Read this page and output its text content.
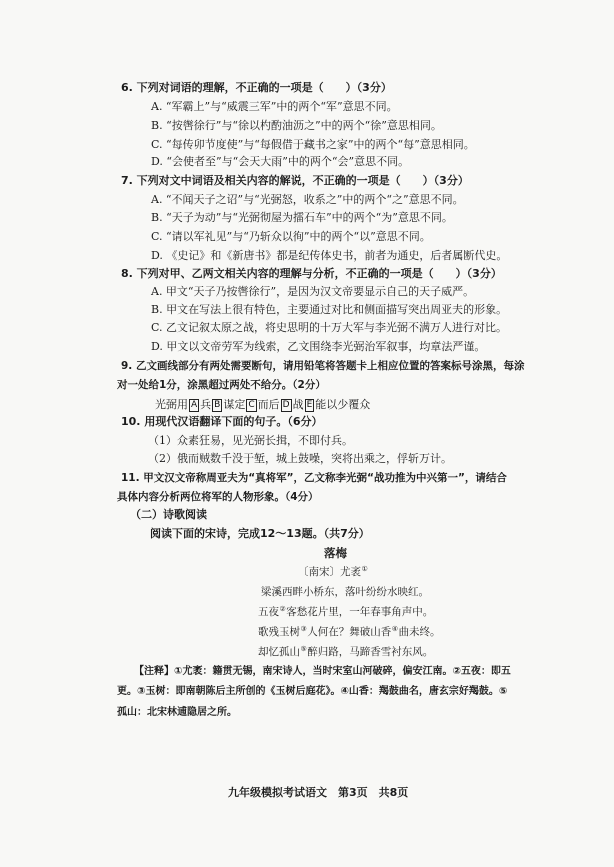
6. 下列对词语的理解，不正确的一项是（　　）（3分）
A. “军霸上”与“威震三军”中的两个“军”意思不同。
B. “按辔徐行”与“徐以杓酌油沥之”中的两个“徐”意思相同。
C. “每传卯节度使”与“每假借于藏书之家”中的两个“每”意思相同。
D. “会使者至”与“会天大雨”中的两个“会”意思不同。
7. 下列对文中词语及相关内容的解说，不正确的一项是（　　）（3分）
A. “不闻天子之诏”与“光弼怒，收系之”中的两个“之”意思不同。
B. “天子为动”与“光弼彻屋为擂石车”中的两个“为”意思不同。
C. “请以军礼见”与“乃斩众以徇”中的两个“以”意思不同。
D. 《史记》和《新唐书》都是纪传体史书，前者为通史，后者属断代史。
8. 下列对甲、乙两文相关内容的理解与分析，不正确的一项是（　　）（3分）
A. 甲文“天子乃按辔徐行”，是因为汉文帝要显示自己的天子威严。
B. 甲文在写法上很有特色，主要通过对比和侧面描写突出周亚夫的形象。
C. 乙文记叙太原之战，将史思明的十万大军与李光弼不满万人进行对比。
D. 甲文以文帝劳军为线索，乙文围绕李光弼治军叙事，均章法严谨。
9. 乙文画线部分有两处需要断句，请用铅笔将答题卡上相应位置的答案标号涂黑，每涂
对一处给1分，涂黑超过两处不给分。（2分）
光弼用 A 兵 B 谋定 C 而后 D 战 E 能以少覆众
10. 用现代汉语翻译下面的句子。（6分）
（1）众素狂易，见光弼长揖，不即付兵。
（2）俄而贼数千没于堑，城上鼓噪，突将出乘之，俘斩万计。
11. 甲文汉文帝称周亚夫为“真将军”，乙文称李光弼“战功推为中兴第一”，请结合
具体内容分析两位将军的人物形象。（4分）
（二）诗歌阅读
阅读下面的宋诗，完成12～13题。（共7分）
落梅
〔南宋〕尤袤①
梁溪西畔小桥东，落叶纷纷水映红。
五夜②客愁花片里，一年春事角声中。
歌残玉树③人何在？舞破山香④曲未终。
却忆孤山⑤醉归路，马蹄香雪衬东风。
【注释】①尤袤：籍贯无锡，南宋诗人，当时宋室山河破碎，偏安江南。②五夜：即五
更。③玉树：即南朝陈后主所创的《玉树后庭花》。④山香：羯鼓曲名，唐玄宗好羯鼓。⑤
孤山：北宋林逋隐居之所。
九年级模拟考试语文　第3页　共8页
